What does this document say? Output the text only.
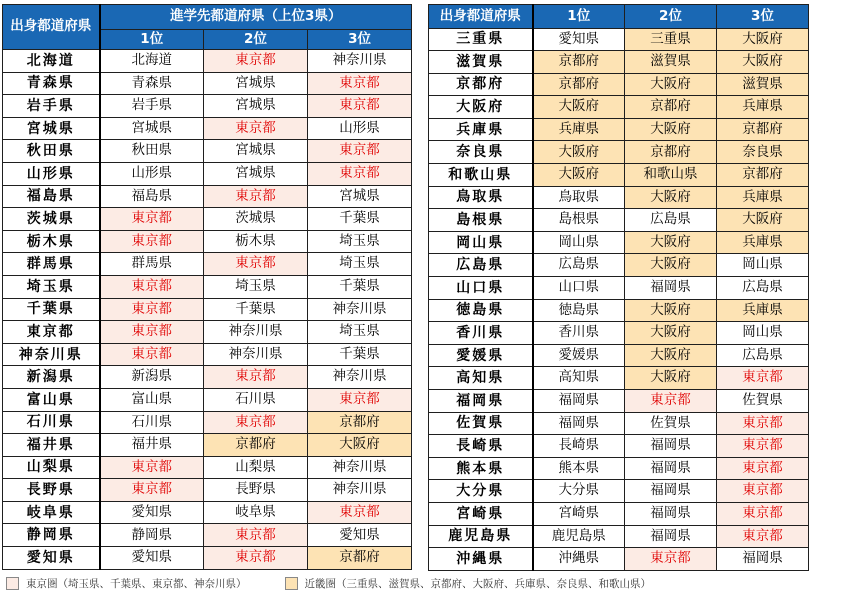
出身都道府県	進学先都道府県（上位3県）		
	1位	2位	3位
北海道	北海道	東京都	神奈川県
青森県	青森県	宮城県	東京都
岩手県	岩手県	宮城県	東京都
宮城県	宮城県	東京都	山形県
秋田県	秋田県	宮城県	東京都
山形県	山形県	宮城県	東京都
福島県	福島県	東京都	宮城県
茨城県	東京都	茨城県	千葉県
栃木県	東京都	栃木県	埼玉県
群馬県	群馬県	東京都	埼玉県
埼玉県	東京都	埼玉県	千葉県
千葉県	東京都	千葉県	神奈川県
東京都	東京都	神奈川県	埼玉県
神奈川県	東京都	神奈川県	千葉県
新潟県	新潟県	東京都	神奈川県
富山県	富山県	石川県	東京都
石川県	石川県	東京都	京都府
福井県	福井県	京都府	大阪府
山梨県	東京都	山梨県	神奈川県
長野県	東京都	長野県	神奈川県
岐阜県	愛知県	岐阜県	東京都
静岡県	静岡県	東京都	愛知県
愛知県	愛知県	東京都	京都府
出身都道府県	1位	2位	3位
三重県	愛知県	三重県	大阪府
滋賀県	京都府	滋賀県	大阪府
京都府	京都府	大阪府	滋賀県
大阪府	大阪府	京都府	兵庫県
兵庫県	兵庫県	大阪府	京都府
奈良県	大阪府	京都府	奈良県
和歌山県	大阪府	和歌山県	京都府
鳥取県	鳥取県	大阪府	兵庫県
島根県	島根県	広島県	大阪府
岡山県	岡山県	大阪府	兵庫県
広島県	広島県	大阪府	岡山県
山口県	山口県	福岡県	広島県
徳島県	徳島県	大阪府	兵庫県
香川県	香川県	大阪府	岡山県
愛媛県	愛媛県	大阪府	広島県
高知県	高知県	大阪府	東京都
福岡県	福岡県	東京都	佐賀県
佐賀県	福岡県	佐賀県	東京都
長崎県	長崎県	福岡県	東京都
熊本県	熊本県	福岡県	東京都
大分県	大分県	福岡県	東京都
宮崎県	宮崎県	福岡県	東京都
鹿児島県	鹿児島県	福岡県	東京都
沖縄県	沖縄県	東京都	福岡県
東京圏（埼玉県、千葉県、東京都、神奈川県）	近畿圏（三重県、滋賀県、京都府、大阪府、兵庫県、奈良県、和歌山県）
